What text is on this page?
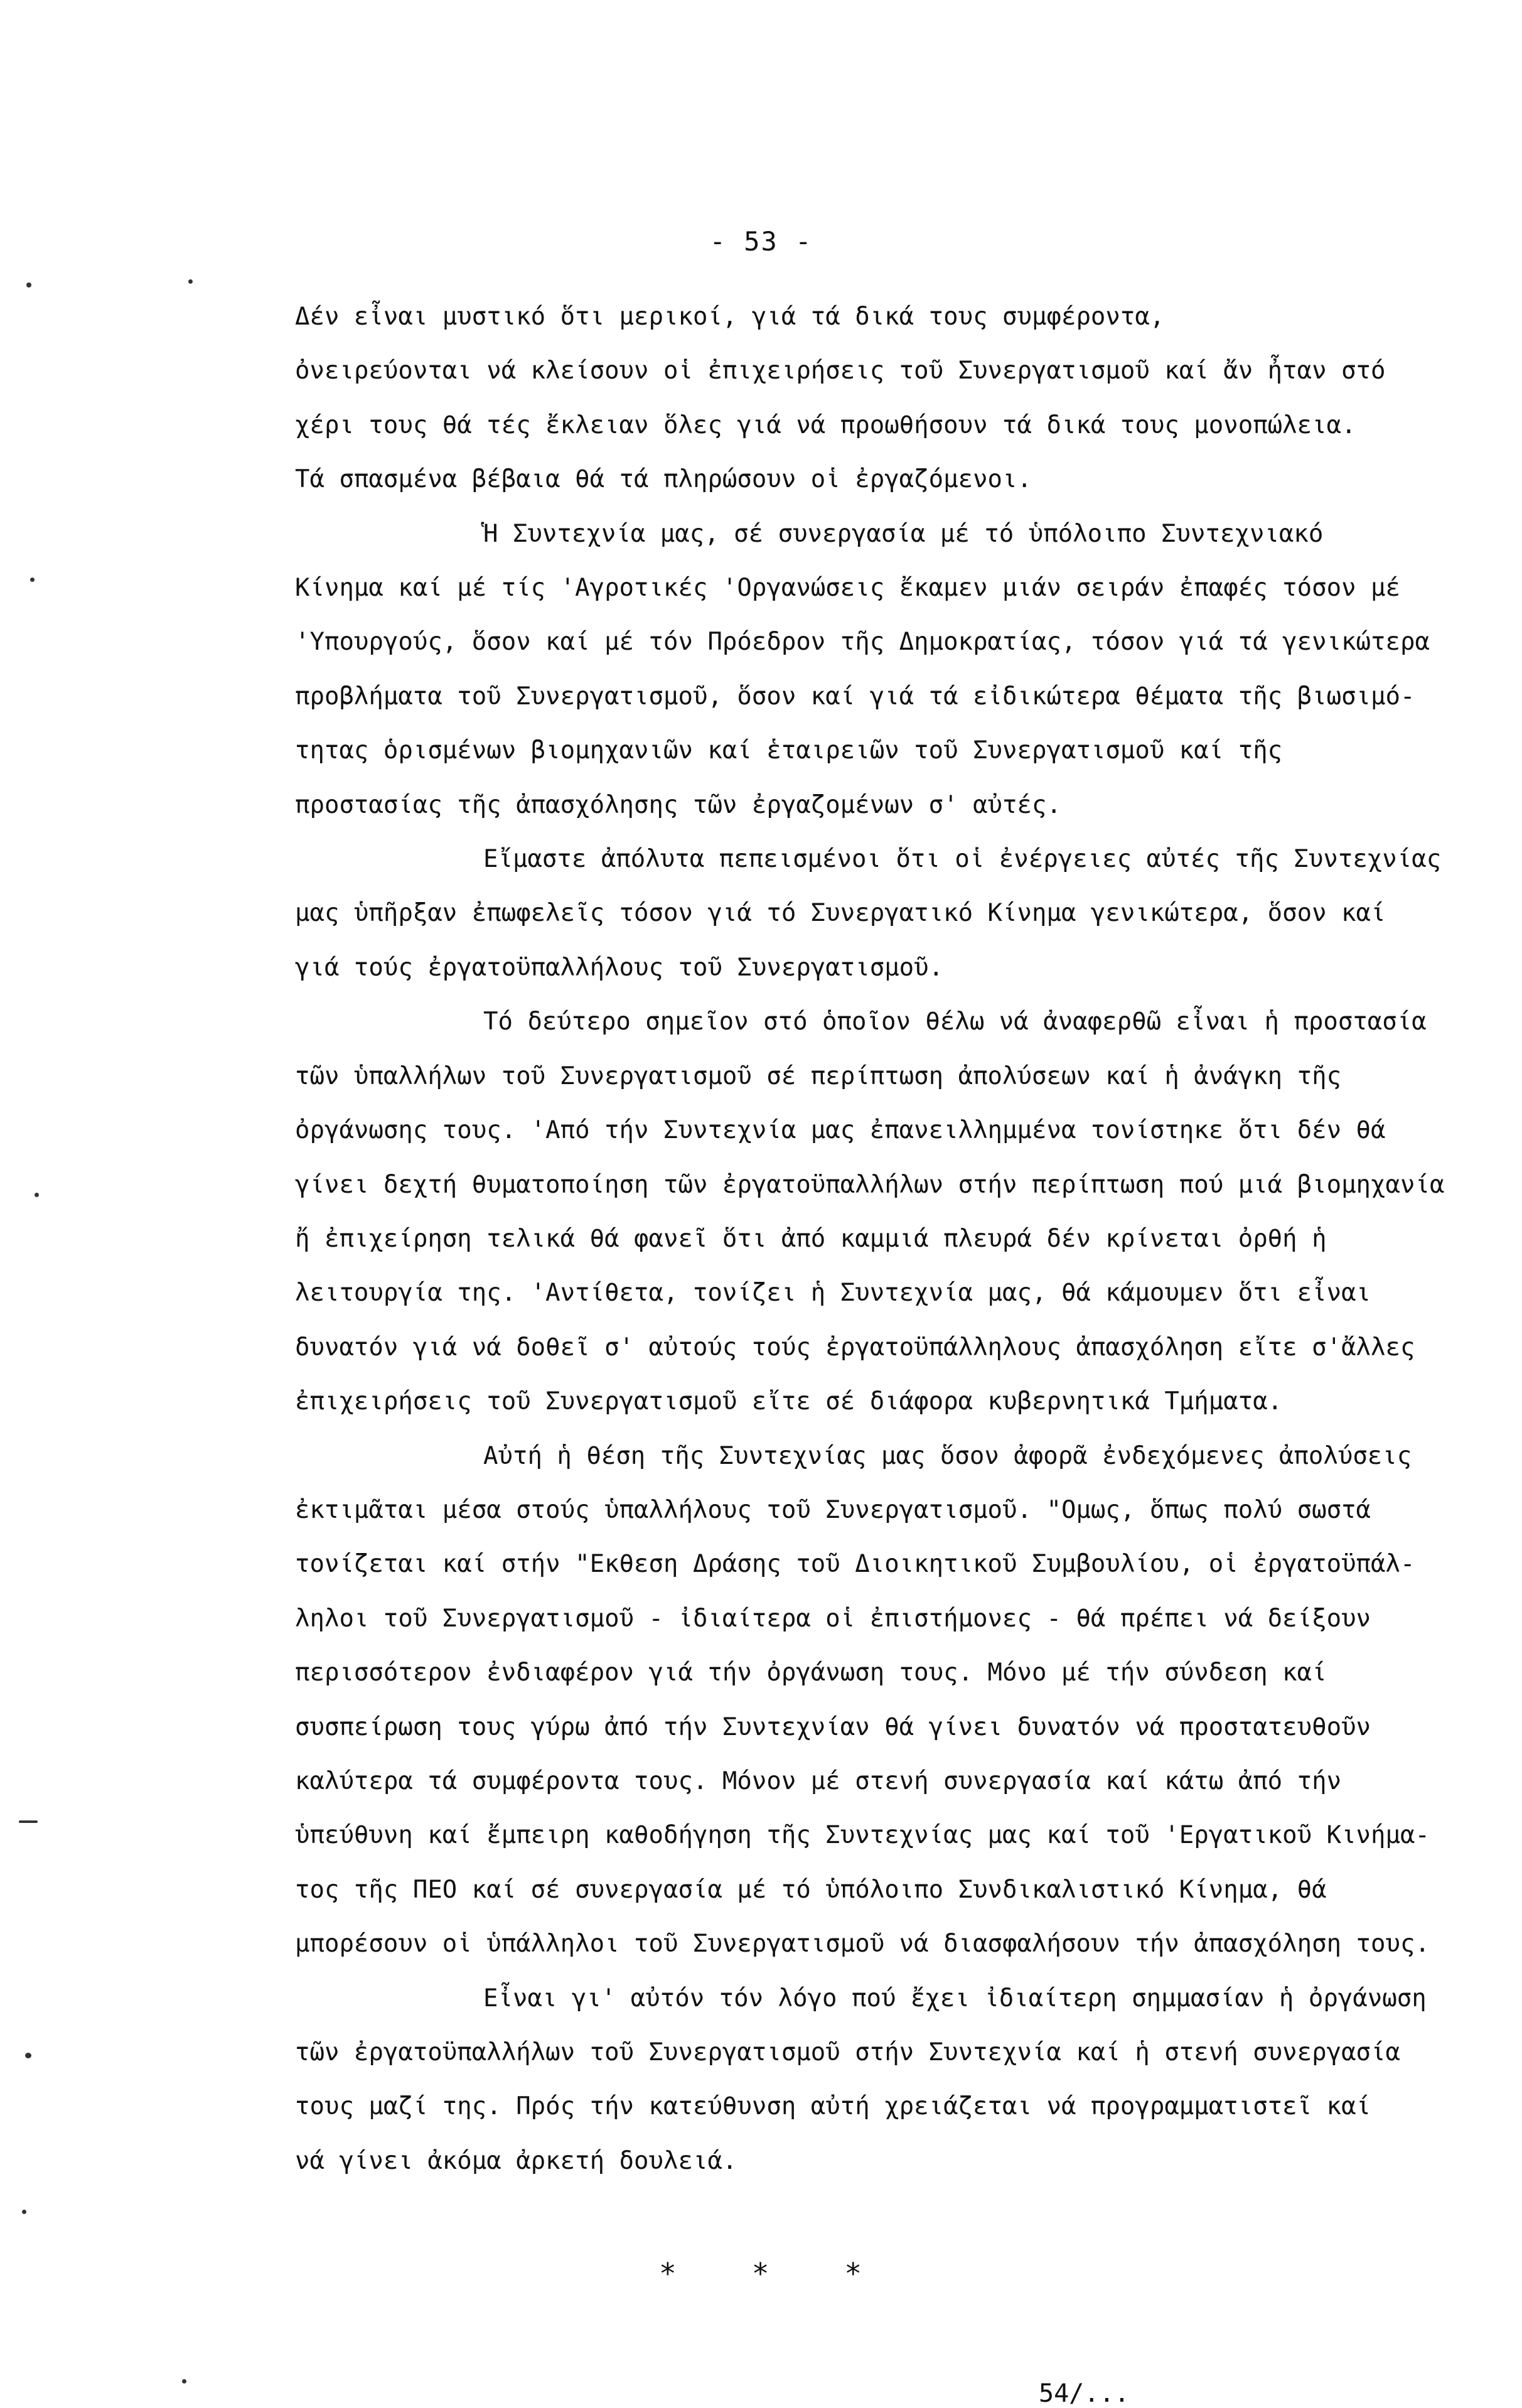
- 53 -
Δέν εἶναι μυστικό ὅτι μερικοί, γιά τά δικά τους συμφέροντα,
ὀνειρεύονται νά κλείσουν οἱ ἐπιχειρήσεις τοῦ Συνεργατισμοῦ καί ἄν ἦταν στό
χέρι τους θά τές ἔκλειαν ὅλες γιά νά προωθήσουν τά δικά τους μονοπώλεια.
Τά σπασμένα βέβαια θά τά πληρώσουν οἱ ἐργαζόμενοι.
Ἡ Συντεχνία μας, σέ συνεργασία μέ τό ὑπόλοιπο Συντεχνιακό
Κίνημα καί μέ τίς 'Αγροτικές 'Οργανώσεις ἔκαμεν μιάν σειράν ἐπαφές τόσον μέ
'Υπουργούς, ὅσον καί μέ τόν Πρόεδρον τῆς Δημοκρατίας, τόσον γιά τά γενικώτερα
προβλήματα τοῦ Συνεργατισμοῦ, ὅσον καί γιά τά εἰδικώτερα θέματα τῆς βιωσιμό-
τητας ὁρισμένων βιομηχανιῶν καί ἑταιρειῶν τοῦ Συνεργατισμοῦ καί τῆς
προστασίας τῆς ἀπασχόλησης τῶν ἐργαζομένων σ' αὐτές.
Εἴμαστε ἀπόλυτα πεπεισμένοι ὅτι οἱ ἐνέργειες αὐτές τῆς Συντεχνίας
μας ὑπῆρξαν ἐπωφελεῖς τόσον γιά τό Συνεργατικό Κίνημα γενικώτερα, ὅσον καί
γιά τούς ἐργατοϋπαλλήλους τοῦ Συνεργατισμοῦ.
Τό δεύτερο σημεῖον στό ὁποῖον θέλω νά ἀναφερθῶ εἶναι ἡ προστασία
τῶν ὑπαλλήλων τοῦ Συνεργατισμοῦ σέ περίπτωση ἀπολύσεων καί ἡ ἀνάγκη τῆς
ὀργάνωσης τους. 'Από τήν Συντεχνία μας ἐπανειλλημμένα τονίστηκε ὅτι δέν θά
γίνει δεχτή θυματοποίηση τῶν ἐργατοϋπαλλήλων στήν περίπτωση πού μιά βιομηχανία
ἤ ἐπιχείρηση τελικά θά φανεῖ ὅτι ἀπό καμμιά πλευρά δέν κρίνεται ὀρθή ἡ
λειτουργία της. 'Αντίθετα, τονίζει ἡ Συντεχνία μας, θά κάμουμεν ὅτι εἶναι
δυνατόν γιά νά δοθεῖ σ' αὐτούς τούς ἐργατοϋπάλληλους ἀπασχόληση εἴτε σ'ἄλλες
ἐπιχειρήσεις τοῦ Συνεργατισμοῦ εἴτε σέ διάφορα κυβερνητικά Τμήματα.
Αὐτή ἡ θέση τῆς Συντεχνίας μας ὅσον ἀφορᾶ ἐνδεχόμενες ἀπολύσεις
ἐκτιμᾶται μέσα στούς ὑπαλλήλους τοῦ Συνεργατισμοῦ. "Ομως, ὅπως πολύ σωστά
τονίζεται καί στήν "Εκθεση Δράσης τοῦ Διοικητικοῦ Συμβουλίου, οἱ ἐργατοϋπάλ-
ληλοι τοῦ Συνεργατισμοῦ - ἰδιαίτερα οἱ ἐπιστήμονες - θά πρέπει νά δείξουν
περισσότερον ἐνδιαφέρον γιά τήν ὀργάνωση τους. Μόνο μέ τήν σύνδεση καί
συσπείρωση τους γύρω ἀπό τήν Συντεχνίαν θά γίνει δυνατόν νά προστατευθοῦν
καλύτερα τά συμφέροντα τους. Μόνον μέ στενή συνεργασία καί κάτω ἀπό τήν
ὑπεύθυνη καί ἔμπειρη καθοδήγηση τῆς Συντεχνίας μας καί τοῦ 'Εργατικοῦ Κινήμα-
τος τῆς ΠΕΟ καί σέ συνεργασία μέ τό ὑπόλοιπο Συνδικαλιστικό Κίνημα, θά
μπορέσουν οἱ ὑπάλληλοι τοῦ Συνεργατισμοῦ νά διασφαλήσουν τήν ἀπασχόληση τους.
Εἶναι γι' αὐτόν τόν λόγο πού ἔχει ἰδιαίτερη σημμασίαν ἡ ὀργάνωση
τῶν ἐργατοϋπαλλήλων τοῦ Συνεργατισμοῦ στήν Συντεχνία καί ἡ στενή συνεργασία
τους μαζί της. Πρός τήν κατεύθυνση αὐτή χρειάζεται νά προγραμματιστεῖ καί
νά γίνει ἀκόμα ἀρκετή δουλειά.
*	*	*
54/...
